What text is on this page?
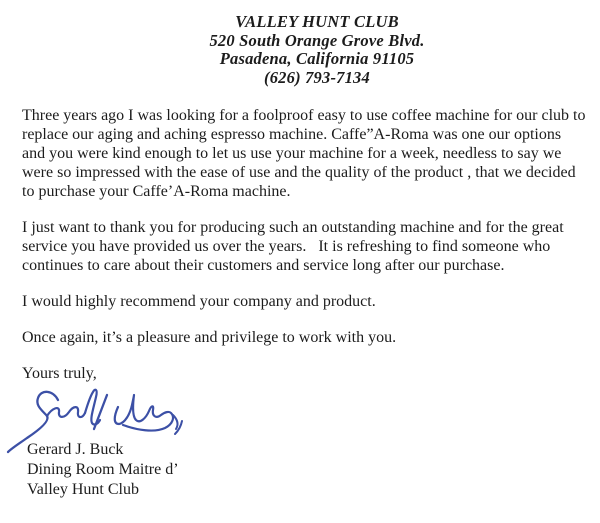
VALLEY HUNT CLUB
520 South Orange Grove Blvd.
Pasadena, California 91105
(626) 793-7134

Three years ago I was looking for a foolproof easy to use coffee machine for our club to replace our aging and aching espresso machine. Caffe”A-Roma was one our options and you were kind enough to let us use your machine for a week, needless to say we were so impressed with the ease of use and the quality of the product , that we decided to purchase your Caffe’A-Roma machine.

I just want to thank you for producing such an outstanding machine and for the great service you have provided us over the years.   It is refreshing to find someone who continues to care about their customers and service long after our purchase.

I would highly recommend your company and product.

Once again, it’s a pleasure and privilege to work with you.

Yours truly,

Gerard J. Buck
Dining Room Maitre d’
Valley Hunt Club
